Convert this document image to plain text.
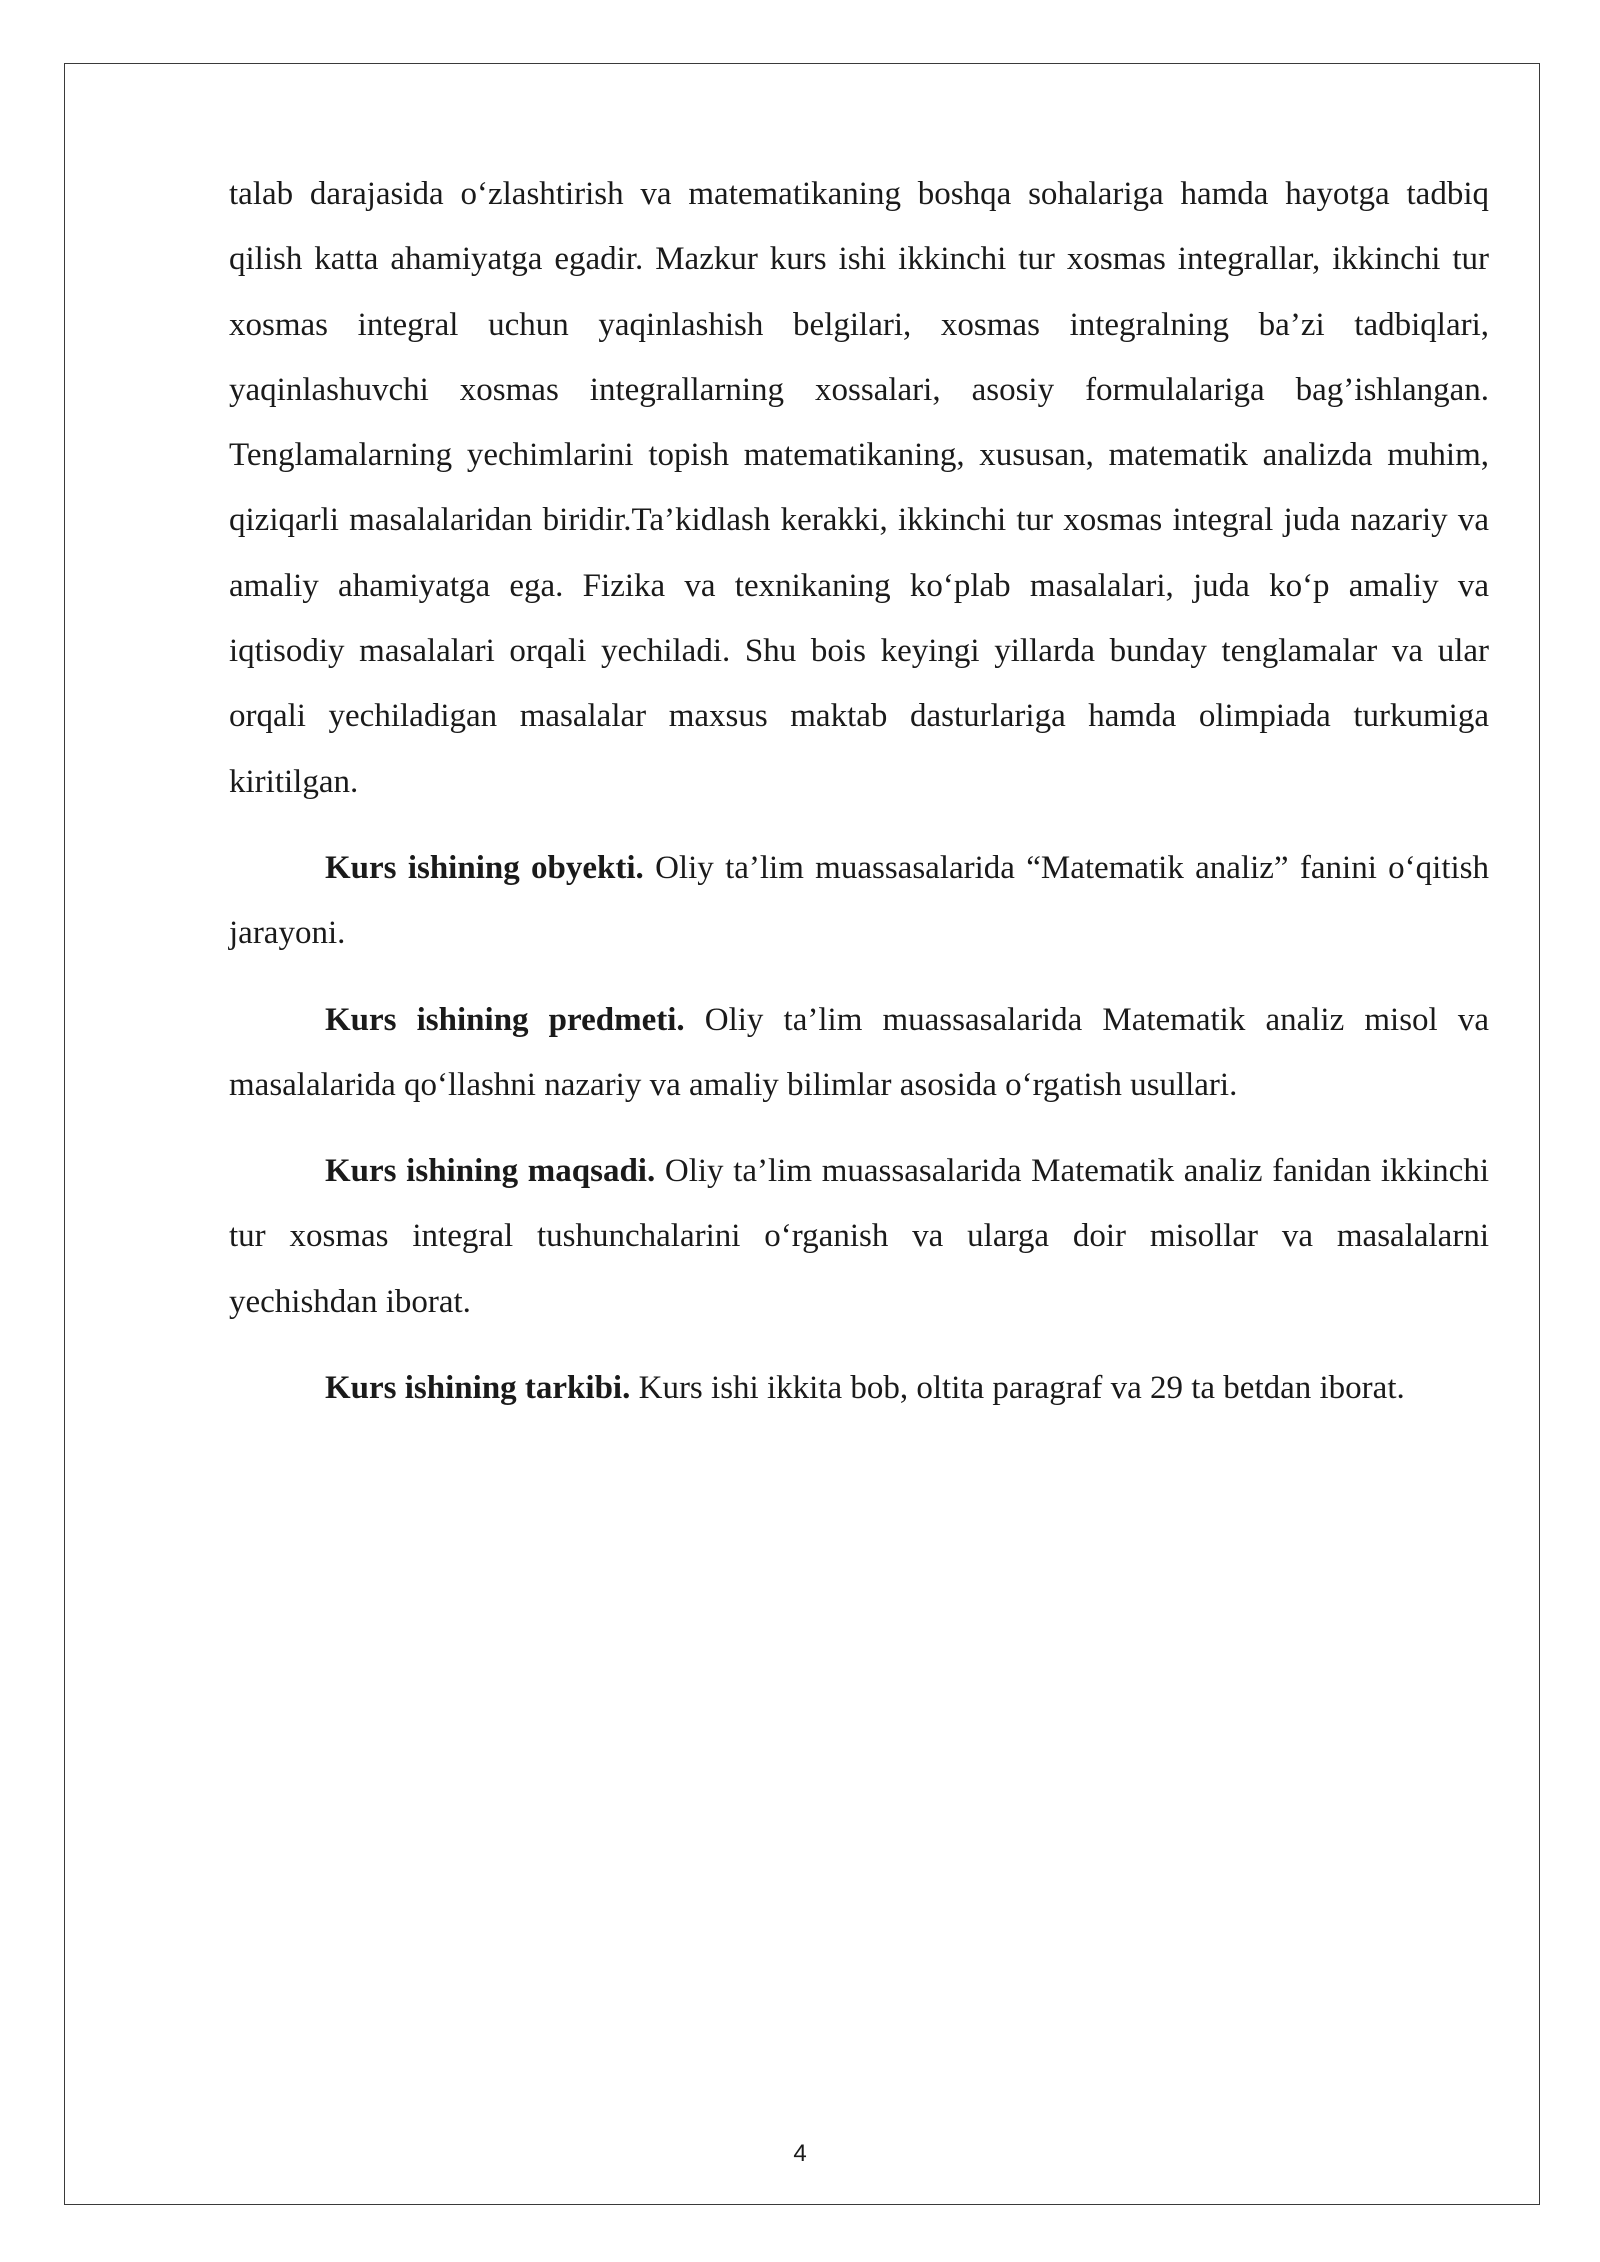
talab darajasida o‘zlashtirish va matematikaning boshqa sohalariga hamda hayotga tadbiq qilish katta ahamiyatga egadir. Mazkur kurs ishi ikkinchi tur xosmas integrallar, ikkinchi tur xosmas integral uchun yaqinlashish belgilari, xosmas integralning ba’zi tadbiqlari, yaqinlashuvchi xosmas integrallarning xossalari, asosiy formulalariga bag’ishlangan. Tenglamalarning yechimlarini topish matematikaning, xususan, matematik analizda muhim, qiziqarli masalalaridan biridir.Ta’kidlash kerakki, ikkinchi tur xosmas integral juda nazariy va amaliy ahamiyatga ega. Fizika va texnikaning ko‘plab masalalari, juda ko‘p amaliy va iqtisodiy masalalari orqali yechiladi. Shu bois keyingi yillarda bunday tenglamalar va ular orqali yechiladigan masalalar maxsus maktab dasturlariga hamda olimpiada turkumiga kiritilgan.

Kurs ishining obyekti. Oliy ta’lim muassasalarida “Matematik analiz” fanini o‘qitish jarayoni.

Kurs ishining predmeti. Oliy ta’lim muassasalarida Matematik analiz misol va masalalarida qo‘llashni nazariy va amaliy bilimlar asosida o‘rgatish usullari.

Kurs ishining maqsadi. Oliy ta’lim muassasalarida Matematik analiz fanidan ikkinchi tur xosmas integral tushunchalarini o‘rganish va ularga doir misollar va masalalarni yechishdan iborat.

Kurs ishining tarkibi. Kurs ishi ikkita bob, oltita paragraf va 29 ta betdan iborat.

4
